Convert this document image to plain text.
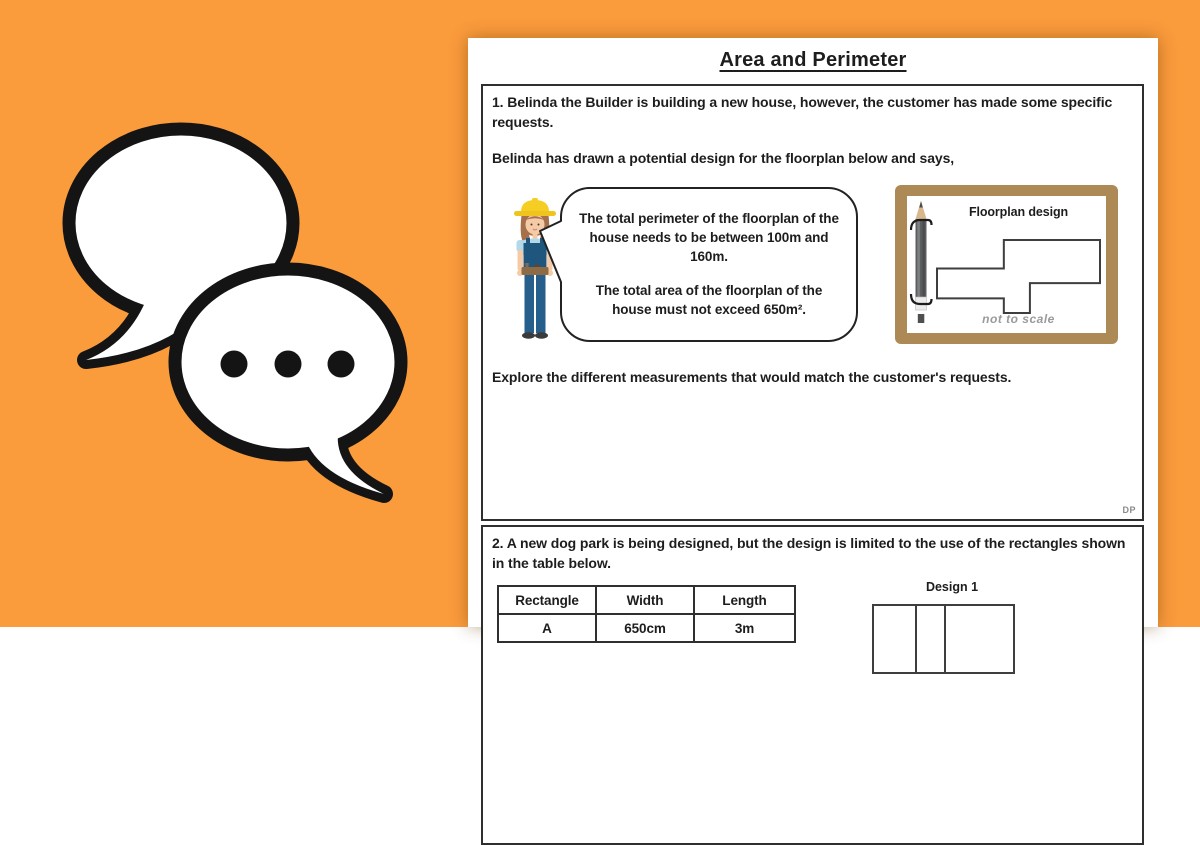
Area and Perimeter
1. Belinda the Builder is building a new house, however, the customer has made some specific requests.
Belinda has drawn a potential design for the floorplan below and says,

The total perimeter of the floorplan of the house needs to be between 100m and 160m.

The total area of the floorplan of the house must not exceed 650m².

Floorplan design
not to scale
Explore the different measurements that would match the customer's requests.
DP
2. A new dog park is being designed, but the design is limited to the use of the rectangles shown in the table below.
Rectangle	Width	Length
A	650cm	3m
Design 1
